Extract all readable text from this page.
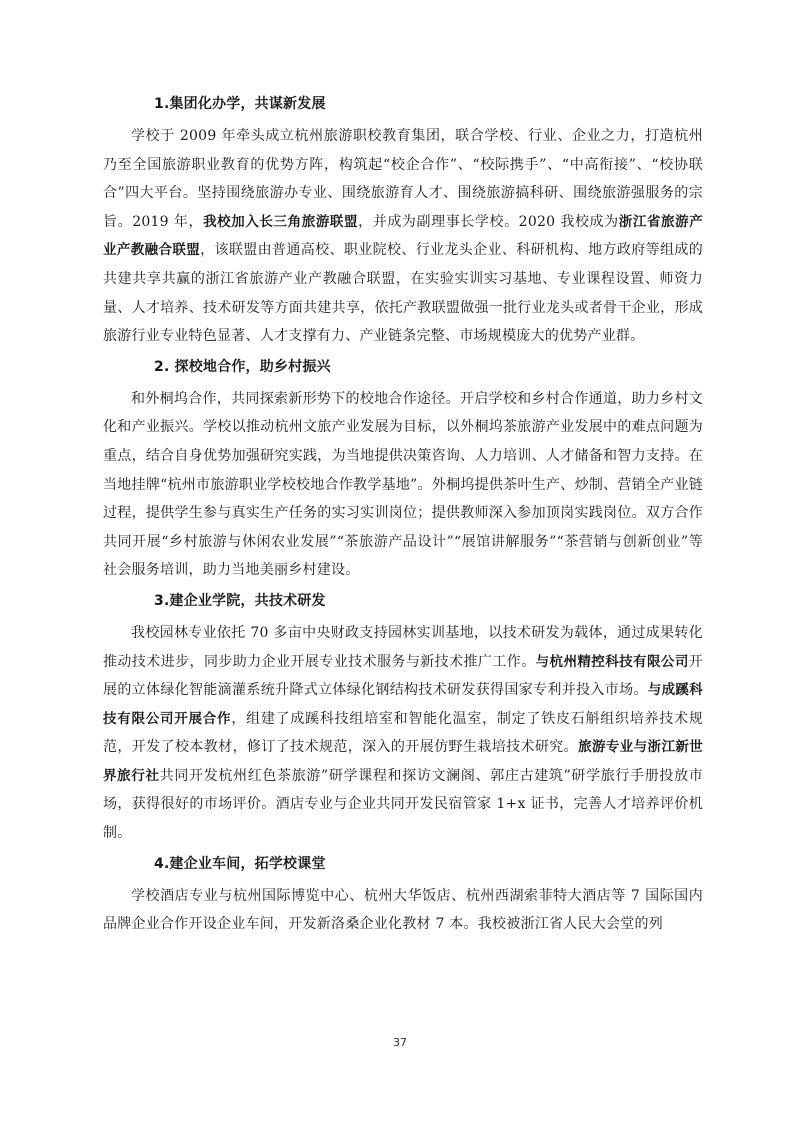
1.集团化办学，共谋新发展

学校于 2009 年牵头成立杭州旅游职校教育集团，联合学校、行业、企业之力，打造杭州乃至全国旅游职业教育的优势方阵，构筑起“校企合作”、“校际携手”、“中高衔接”、“校协联合”四大平台。坚持围绕旅游办专业、围绕旅游育人才、围绕旅游搞科研、围绕旅游强服务的宗旨。2019 年，我校加入长三角旅游联盟，并成为副理事长学校。2020 我校成为浙江省旅游产业产教融合联盟，该联盟由普通高校、职业院校、行业龙头企业、科研机构、地方政府等组成的共建共享共赢的浙江省旅游产业产教融合联盟，在实验实训实习基地、专业课程设置、师资力量、人才培养、技术研发等方面共建共享，依托产教联盟做强一批行业龙头或者骨干企业，形成旅游行业专业特色显著、人才支撑有力、产业链条完整、市场规模庞大的优势产业群。

2. 探校地合作，助乡村振兴

和外桐坞合作，共同探索新形势下的校地合作途径。开启学校和乡村合作通道，助力乡村文化和产业振兴。学校以推动杭州文旅产业发展为目标，以外桐坞茶旅游产业发展中的难点问题为重点，结合自身优势加强研究实践，为当地提供决策咨询、人力培训、人才储备和智力支持。在当地挂牌“杭州市旅游职业学校校地合作教学基地”。外桐坞提供茶叶生产、炒制、营销全产业链过程，提供学生参与真实生产任务的实习实训岗位；提供教师深入参加顶岗实践岗位。双方合作共同开展“乡村旅游与休闲农业发展”“茶旅游产品设计”“展馆讲解服务”“茶营销与创新创业”等社会服务培训，助力当地美丽乡村建设。

3.建企业学院，共技术研发

我校园林专业依托 70 多亩中央财政支持园林实训基地，以技术研发为载体，通过成果转化推动技术进步，同步助力企业开展专业技术服务与新技术推广工作。与杭州精控科技有限公司开展的立体绿化智能滴灌系统升降式立体绿化钢结构技术研发获得国家专利并投入市场。与成蹊科技有限公司开展合作，组建了成蹊科技组培室和智能化温室，制定了铁皮石斛组织培养技术规范，开发了校本教材，修订了技术规范，深入的开展仿野生栽培技术研究。旅游专业与浙江新世界旅行社共同开发杭州红色茶旅游”研学课程和探访文澜阁、郭庄古建筑”研学旅行手册投放市场，获得很好的市场评价。酒店专业与企业共同开发民宿管家 1+x 证书，完善人才培养评价机制。

4.建企业车间，拓学校课堂

学校酒店专业与杭州国际博览中心、杭州大华饭店、杭州西湖索菲特大酒店等 7 国际国内品牌企业合作开设企业车间，开发新洛桑企业化教材 7 本。我校被浙江省人民大会堂的列

37
